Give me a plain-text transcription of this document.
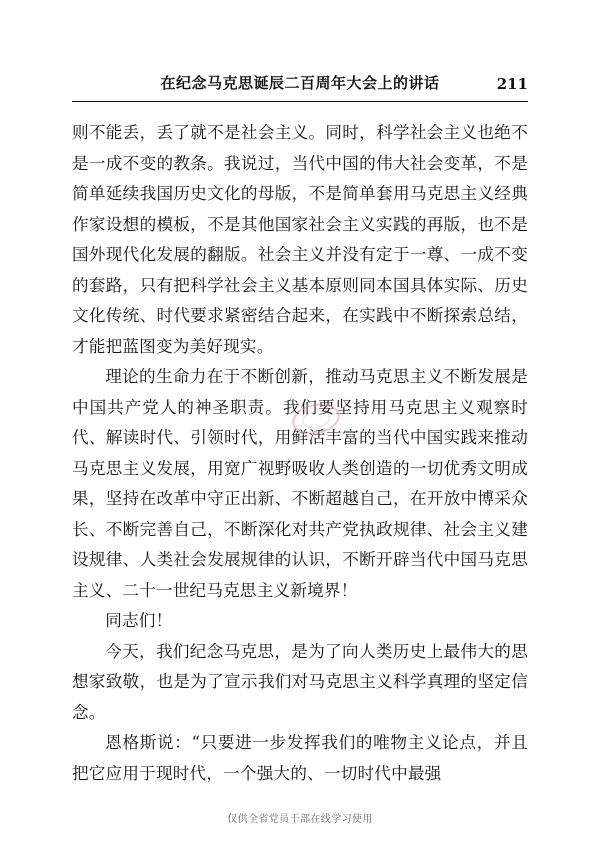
在纪念马克思诞辰二百周年大会上的讲话	211

则不能丢，丢了就不是社会主义。同时，科学社会主义也绝不是一成不变的教条。我说过，当代中国的伟大社会变革，不是简单延续我国历史文化的母版，不是简单套用马克思主义经典作家设想的模板，不是其他国家社会主义实践的再版，也不是国外现代化发展的翻版。社会主义并没有定于一尊、一成不变的套路，只有把科学社会主义基本原则同本国具体实际、历史文化传统、时代要求紧密结合起来，在实践中不断探索总结，才能把蓝图变为美好现实。

理论的生命力在于不断创新，推动马克思主义不断发展是中国共产党人的神圣职责。我们要坚持用马克思主义观察时代、解读时代、引领时代，用鲜活丰富的当代中国实践来推动马克思主义发展，用宽广视野吸收人类创造的一切优秀文明成果，坚持在改革中守正出新、不断超越自己，在开放中博采众长、不断完善自己，不断深化对共产党执政规律、社会主义建设规律、人类社会发展规律的认识，不断开辟当代中国马克思主义、二十一世纪马克思主义新境界！

同志们！

今天，我们纪念马克思，是为了向人类历史上最伟大的思想家致敬，也是为了宣示我们对马克思主义科学真理的坚定信念。

恩格斯说：“只要进一步发挥我们的唯物主义论点，并且把它应用于现时代，一个强大的、一切时代中最强

仅供全省党员干部在线学习使用
